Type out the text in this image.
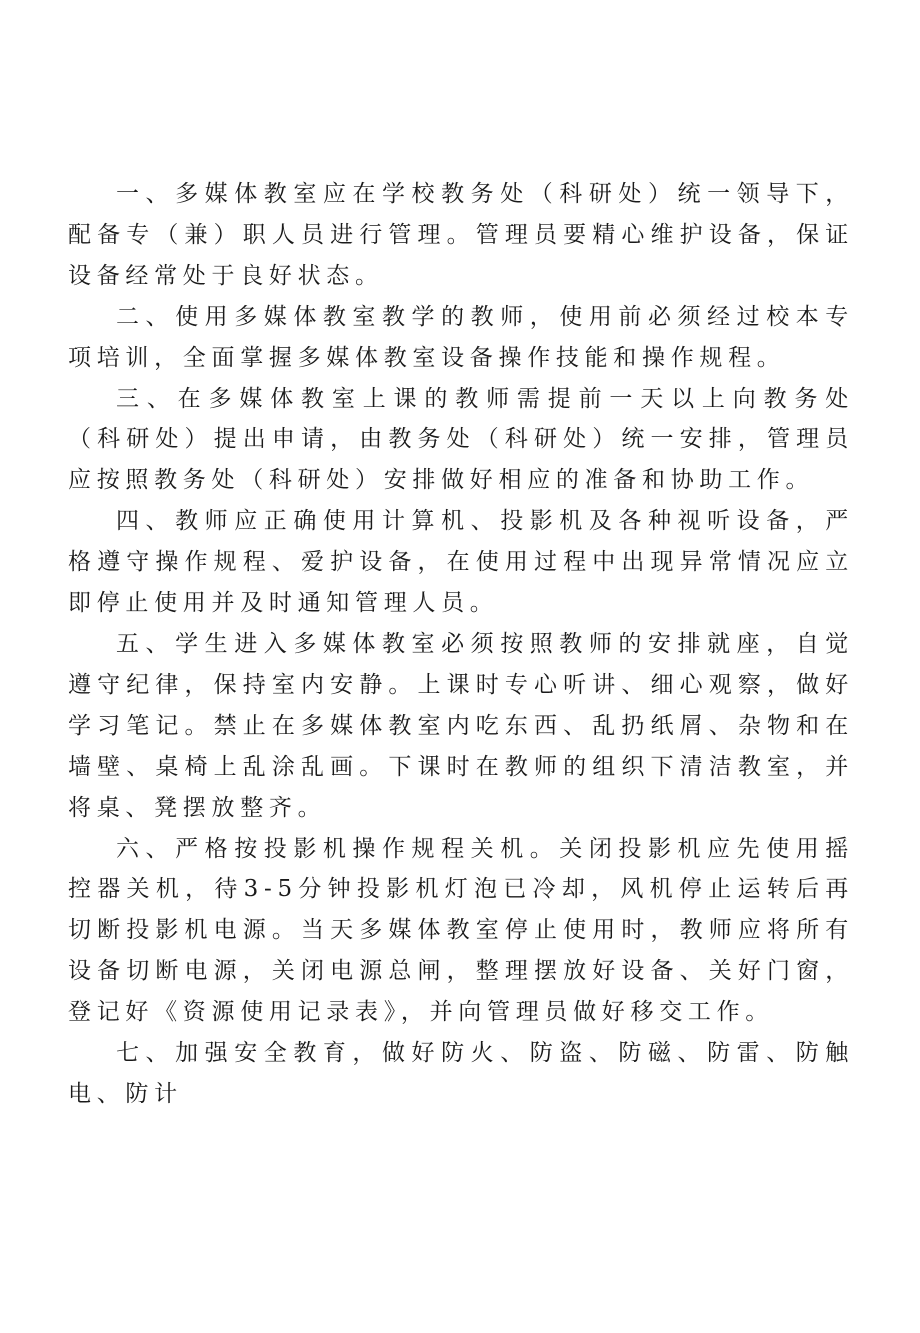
一、多媒体教室应在学校教务处（科研处）统一领导下，配备专（兼）职人员进行管理。管理员要精心维护设备，保证设备经常处于良好状态。

二、使用多媒体教室教学的教师，使用前必须经过校本专项培训，全面掌握多媒体教室设备操作技能和操作规程。

三、在多媒体教室上课的教师需提前一天以上向教务处（科研处）提出申请，由教务处（科研处）统一安排，管理员应按照教务处（科研处）安排做好相应的准备和协助工作。

四、教师应正确使用计算机、投影机及各种视听设备，严格遵守操作规程、爱护设备，在使用过程中出现异常情况应立即停止使用并及时通知管理人员。

五、学生进入多媒体教室必须按照教师的安排就座，自觉遵守纪律，保持室内安静。上课时专心听讲、细心观察，做好学习笔记。禁止在多媒体教室内吃东西、乱扔纸屑、杂物和在墙壁、桌椅上乱涂乱画。下课时在教师的组织下清洁教室，并将桌、凳摆放整齐。

六、严格按投影机操作规程关机。关闭投影机应先使用摇控器关机，待3-5分钟投影机灯泡已冷却，风机停止运转后再切断投影机电源。当天多媒体教室停止使用时，教师应将所有设备切断电源，关闭电源总闸，整理摆放好设备、关好门窗，登记好《资源使用记录表》，并向管理员做好移交工作。

七、加强安全教育，做好防火、防盗、防磁、防雷、防触电、防计
